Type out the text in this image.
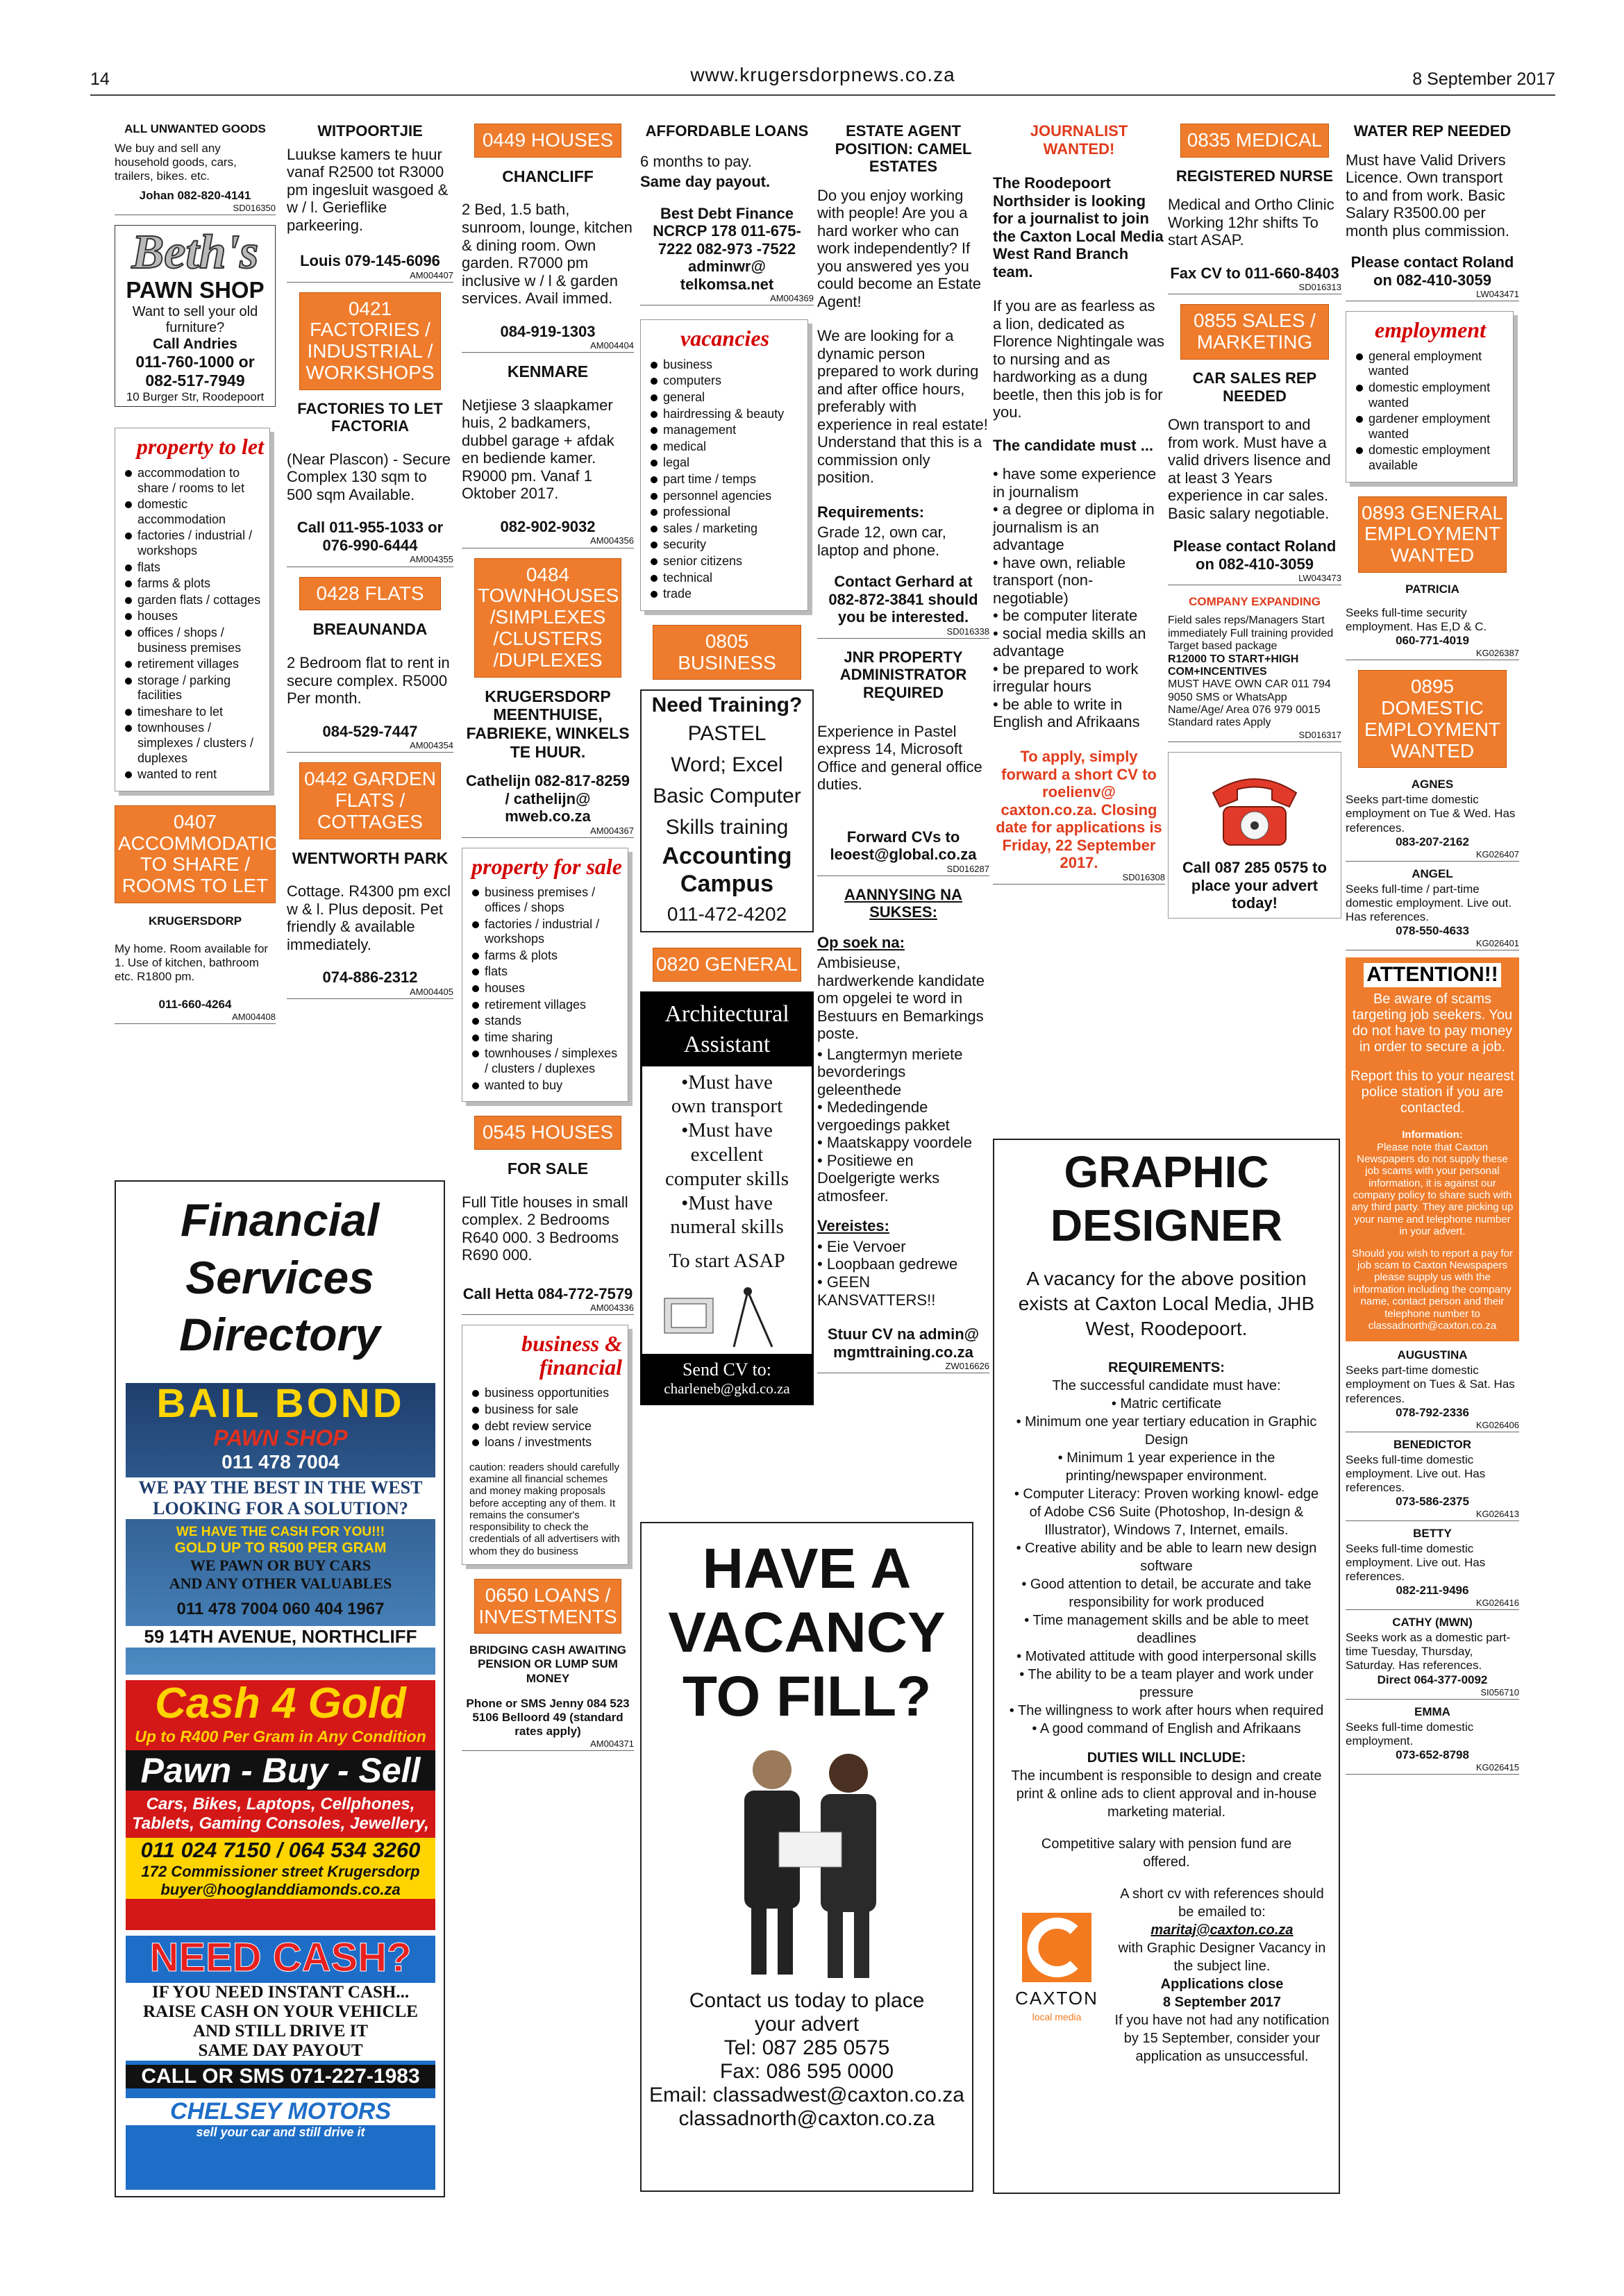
14	www.krugersdorpnews.co.za	8 September 2017
ALL UNWANTED GOODS
We buy and sell any household goods, cars, trailers, bikes. etc.
Johan 082-820-4141
SD016350
Beth's
PAWN SHOP
Want to sell your old furniture?
Call Andries
011-760-1000 or
082-517-7949
10 Burger Str, Roodepoort
property to let
accommodation to share / rooms to let
domestic accommodation
factories / industrial / workshops
flats
farms & plots
garden flats / cottages
houses
offices / shops / business premises
retirement villages
storage / parking facilities
timeshare to let
townhouses / simplexes / clusters / duplexes
wanted to rent
0407 ACCOMMODATION TO SHARE / ROOMS TO LET
KRUGERSDORP
My home. Room available for 1. Use of kitchen, bathroom etc. R1800 pm.
011-660-4264
AM004408
WITPOORTJIE
Luukse kamers te huur vanaf R2500 tot R3000 pm ingesluit wasgoed & w / l. Gerieflike parkeering.
Louis 079-145-6096
AM004407
0421 FACTORIES / INDUSTRIAL / WORKSHOPS
FACTORIES TO LET FACTORIA
(Near Plascon) - Secure Complex 130 sqm to 500 sqm Available.
Call 011-955-1033 or 076-990-6444
AM004355
0428 FLATS
BREAUNANDA
2 Bedroom flat to rent in secure complex. R5000 Per month.
084-529-7447
AM004354
0442 GARDEN FLATS / COTTAGES
WENTWORTH PARK
Cottage. R4300 pm excl w & l. Plus deposit. Pet friendly & available immediately.
074-886-2312
AM004405
0449 HOUSES
CHANCLIFF
2 Bed, 1.5 bath, sunroom, lounge, kitchen & dining room. Own garden. R7000 pm inclusive w / l & garden services. Avail immed.
084-919-1303
AM004404
KENMARE
Netjiese 3 slaapkamer huis, 2 badkamers, dubbel garage + afdak en bediende kamer. R9000 pm. Vanaf 1 Oktober 2017.
082-902-9032
AM004356
0484 TOWNHOUSES /SIMPLEXES /CLUSTERS /DUPLEXES
KRUGERSDORP MEENTHUISE, FABRIEKE, WINKELS TE HUUR.
Cathelijn 082-817-8259 / cathelijn@ mweb.co.za
AM004367
property for sale
business premises / offices / shops
factories / industrial / workshops
farms & plots
flats
houses
retirement villages
stands
time sharing
townhouses / simplexes / clusters / duplexes
wanted to buy
0545 HOUSES
FOR SALE
Full Title houses in small complex. 2 Bedrooms R640 000. 3 Bedrooms R690 000.
Call Hetta 084-772-7579
AM004336
business & financial
business opportunities
business for sale
debt review service
loans / investments
caution: readers should carefully examine all financial schemes and money making proposals before accepting any of them. It remains the consumer's responsibility to check the credentials of all advertisers with whom they do business
0650 LOANS / INVESTMENTS
BRIDGING CASH AWAITING PENSION OR LUMP SUM MONEY
Phone or SMS Jenny 084 523 5106 Belloord 49 (standard rates apply)
AM004371
AFFORDABLE LOANS
6 months to pay.
Same day payout.
Best Debt Finance NCRCP 178 011-675-7222 082-973 -7522 adminwr@ telkomsa.net
AM004369
vacancies
business
computers
general
hairdressing & beauty
management
medical
legal
part time / temps
personnel agencies
professional
sales / marketing
security
senior citizens
technical
trade
0805 BUSINESS
Need Training?
PASTEL
Word; Excel
Basic Computer
Skills training
Accounting
Campus
011-472-4202
0820 GENERAL
Architectural
Assistant
•Must have
own transport
•Must have
excellent
computer skills
•Must have
numeral skills
To start ASAP
Send CV to:
charleneb@gkd.co.za
ESTATE AGENT POSITION: CAMEL ESTATES
Do you enjoy working with people! Are you a hard worker who can work independently? If you answered yes you could become an Estate Agent!
We are looking for a dynamic person prepared to work during and after office hours, preferably with experience in real estate! Understand that this is a commission only position.
Requirements:
Grade 12, own car, laptop and phone.
Contact Gerhard at 082-872-3841 should you be interested.
SD016338
JNR PROPERTY ADMINISTRATOR REQUIRED
Experience in Pastel express 14, Microsoft Office and general office duties.
Forward CVs to leoest@global.co.za
SD016287
AANNYSING NA SUKSES:
Op soek na:
Ambisieuse, hardwerkende kandidate om opgelei te word in Bestuurs en Bemarkings poste.
• Langtermyn meriete bevorderings geleenthede
• Mededingende vergoedings pakket
• Maatskappy voordele
• Positiewe en Doelgerigte werks atmosfeer.
Vereistes:
• Eie Vervoer
• Loopbaan gedrewe
• GEEN KANSVATTERS!!
Stuur CV na admin@ mgmttraining.co.za
ZW016626
JOURNALIST WANTED!
The Roodepoort Northsider is looking for a journalist to join the Caxton Local Media West Rand Branch team.
If you are as fearless as a lion, dedicated as Florence Nightingale was to nursing and as hardworking as a dung beetle, then this job is for you.
The candidate must ...
• have some experience in journalism
• a degree or diploma in journalism is an advantage
• have own, reliable transport (non-negotiable)
• be computer literate
• social media skills an advantage
• be prepared to work irregular hours
• be able to write in English and Afrikaans
To apply, simply forward a short CV to roelienv@ caxton.co.za. Closing date for applications is Friday, 22 September 2017.
SD016308
0835 MEDICAL
REGISTERED NURSE
Medical and Ortho Clinic Working 12hr shifts To start ASAP.
Fax CV to 011-660-8403
SD016313
0855 SALES / MARKETING
CAR SALES REP NEEDED
Own transport to and from work. Must have a valid drivers lisence and at least 3 Years experience in car sales. Basic salary negotiable.
Please contact Roland on 082-410-3059
LW043473
COMPANY EXPANDING
Field sales reps/Managers Start immediately Full training provided Target based package
R12000 TO START+HIGH COM+INCENTIVES
MUST HAVE OWN CAR 011 794 9050 SMS or WhatsApp Name/Age/ Area 076 979 0015 Standard rates Apply
SD016317
Call 087 285 0575 to place your advert today!
WATER REP NEEDED
Must have Valid Drivers Licence. Own transport to and from work. Basic Salary R3500.00 per month plus commission.
Please contact Roland on 082-410-3059
LW043471
employment
general employment wanted
domestic employment wanted
gardener employment wanted
domestic employment available
0893 GENERAL EMPLOYMENT WANTED
PATRICIA
Seeks full-time security employment. Has E,D & C.
060-771-4019
KG026387
0895 DOMESTIC EMPLOYMENT WANTED
AGNES
Seeks part-time domestic employment on Tue & Wed. Has references.
083-207-2162
KG026407
ANGEL
Seeks full-time / part-time domestic employment. Live out. Has references.
078-550-4633
KG026401
ATTENTION!!
Be aware of scams targeting job seekers. You do not have to pay money in order to secure a job.
Report this to your nearest police station if you are contacted.
Information:
Please note that Caxton Newspapers do not supply these job scams with your personal information, it is against our company policy to share such with any third party. They are picking up your name and telephone number in your advert.
Should you wish to report a pay for job scam to Caxton Newspapers please supply us with the information including the company name, contact person and their telephone number to classadnorth@caxton.co.za
AUGUSTINA
Seeks part-time domestic employment on Tues & Sat. Has references.
078-792-2336
KG026406
BENEDICTOR
Seeks full-time domestic employment. Live out. Has references.
073-586-2375
KG026413
BETTY
Seeks full-time domestic employment. Live out. Has references.
082-211-9496
KG026416
CATHY (MWN)
Seeks work as a domestic part-time Tuesday, Thursday, Saturday. Has references.
Direct 064-377-0092
SI056710
EMMA
Seeks full-time domestic employment.
073-652-8798
KG026415
Financial Services Directory
BAIL BOND
PAWN SHOP
011 478 7004
WE PAY THE BEST IN THE WEST
LOOKING FOR A SOLUTION?
WE HAVE THE CASH FOR YOU!!!
GOLD UP TO R500 PER GRAM
WE PAWN OR BUY CARS
AND ANY OTHER VALUABLES
011 478 7004 060 404 1967
59 14TH AVENUE, NORTHCLIFF
Cash 4 Gold
Up to R400 Per Gram in Any Condition
Pawn - Buy - Sell
Cars, Bikes, Laptops, Cellphones,
Tablets, Gaming Consoles, Jewellery,
011 024 7150 / 064 534 3260
172 Commissioner street Krugersdorp
buyer@hooglanddiamonds.co.za
NEED CASH?
IF YOU NEED INSTANT CASH...
RAISE CASH ON YOUR VEHICLE
AND STILL DRIVE IT
SAME DAY PAYOUT
CALL OR SMS 071-227-1983
CHELSEY MOTORS
sell your car and still drive it
HAVE A
VACANCY
TO FILL?
Contact us today to place
your advert
Tel: 087 285 0575
Fax: 086 595 0000
Email: classadwest@caxton.co.za
classadnorth@caxton.co.za
GRAPHIC
DESIGNER
A vacancy for the above position exists at Caxton Local Media, JHB West, Roodepoort.
REQUIREMENTS:
The successful candidate must have:
• Matric certificate
• Minimum one year tertiary education in Graphic Design
• Minimum 1 year experience in the printing/newspaper environment.
• Computer Literacy: Proven working knowl- edge of Adobe CS6 Suite (Photoshop, In-design & Illustrator), Windows 7, Internet, emails.
• Creative ability and be able to learn new design software
• Good attention to detail, be accurate and take responsibility for work produced
• Time management skills and be able to meet deadlines
• Motivated attitude with good interpersonal skills
• The ability to be a team player and work under pressure
• The willingness to work after hours when required
• A good command of English and Afrikaans
DUTIES WILL INCLUDE:
The incumbent is responsible to design and create print & online ads to client approval and in-house marketing material.
Competitive salary with pension fund are offered.
CAXTON
local media
A short cv with references should be emailed to:
maritaj@caxton.co.za
with Graphic Designer Vacancy in the subject line.
Applications close
8 September 2017
If you have not had any notification by 15 September, consider your application as unsuccessful.
